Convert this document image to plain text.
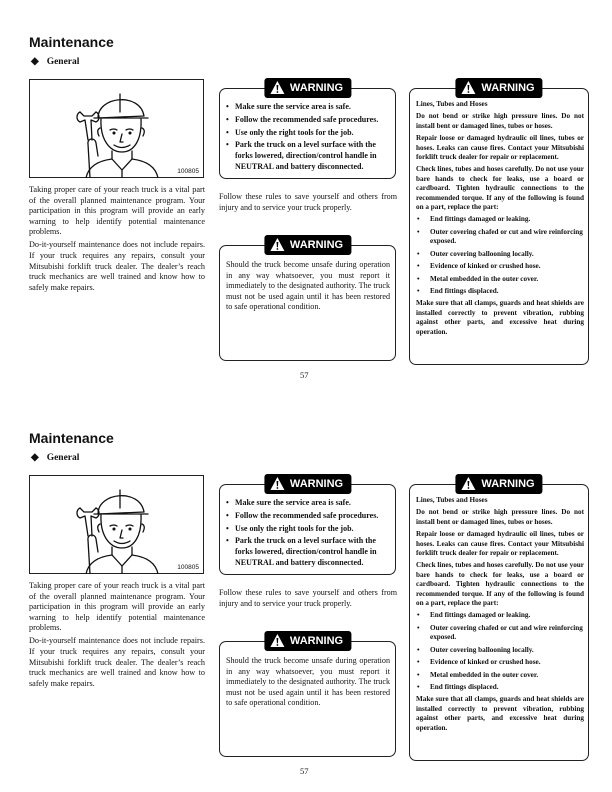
Maintenance
◆ General
100805

Taking proper care of your reach truck is a vital part of the overall planned maintenance program. Your participation in this program will provide an early warning to help identify potential maintenance problems.

Do-it-yourself maintenance does not include repairs. If your truck requires any repairs, consult your Mitsubishi forklift truck dealer. The dealer’s reach truck mechanics are well trained and know how to safely make repairs.

WARNING
• Make sure the service area is safe.
• Follow the recommended safe procedures.
• Use only the right tools for the job.
• Park the truck on a level surface with the forks lowered, direction/control handle in NEUTRAL and battery disconnected.
Follow these rules to save yourself and others from injury and to service your truck properly.
WARNING
Should the truck become unsafe during operation in any way whatsoever, you must report it immediately to the designated authority. The truck must not be used again until it has been restored to safe operational condition.
WARNING

Lines, Tubes and Hoses

Do not bend or strike high pressure lines. Do not install bent or damaged lines, tubes or hoses.

Repair loose or damaged hydraulic oil lines, tubes or hoses. Leaks can cause fires. Contact your Mitsubishi forklift truck dealer for repair or replacement.

Check lines, tubes and hoses carefully. Do not use your bare hands to check for leaks, use a board or cardboard. Tighten hydraulic connections to the recommended torque. If any of the following is found on a part, replace the part:

• End fittings damaged or leaking.
• Outer covering chafed or cut and wire reinforcing exposed.
• Outer covering ballooning locally.
• Evidence of kinked or crushed hose.
• Metal embedded in the outer cover.
• End fittings displaced.

Make sure that all clamps, guards and heat shields are installed correctly to prevent vibration, rubbing against other parts, and excessive heat during operation.

57
Maintenance
◆ General
100805

Taking proper care of your reach truck is a vital part of the overall planned maintenance program. Your participation in this program will provide an early warning to help identify potential maintenance problems.

Do-it-yourself maintenance does not include repairs. If your truck requires any repairs, consult your Mitsubishi forklift truck dealer. The dealer’s reach truck mechanics are well trained and know how to safely make repairs.

WARNING
• Make sure the service area is safe.
• Follow the recommended safe procedures.
• Use only the right tools for the job.
• Park the truck on a level surface with the forks lowered, direction/control handle in NEUTRAL and battery disconnected.
Follow these rules to save yourself and others from injury and to service your truck properly.
WARNING
Should the truck become unsafe during operation in any way whatsoever, you must report it immediately to the designated authority. The truck must not be used again until it has been restored to safe operational condition.
WARNING

Lines, Tubes and Hoses

Do not bend or strike high pressure lines. Do not install bent or damaged lines, tubes or hoses.

Repair loose or damaged hydraulic oil lines, tubes or hoses. Leaks can cause fires. Contact your Mitsubishi forklift truck dealer for repair or replacement.

Check lines, tubes and hoses carefully. Do not use your bare hands to check for leaks, use a board or cardboard. Tighten hydraulic connections to the recommended torque. If any of the following is found on a part, replace the part:

• End fittings damaged or leaking.
• Outer covering chafed or cut and wire reinforcing exposed.
• Outer covering ballooning locally.
• Evidence of kinked or crushed hose.
• Metal embedded in the outer cover.
• End fittings displaced.

Make sure that all clamps, guards and heat shields are installed correctly to prevent vibration, rubbing against other parts, and excessive heat during operation.

57
